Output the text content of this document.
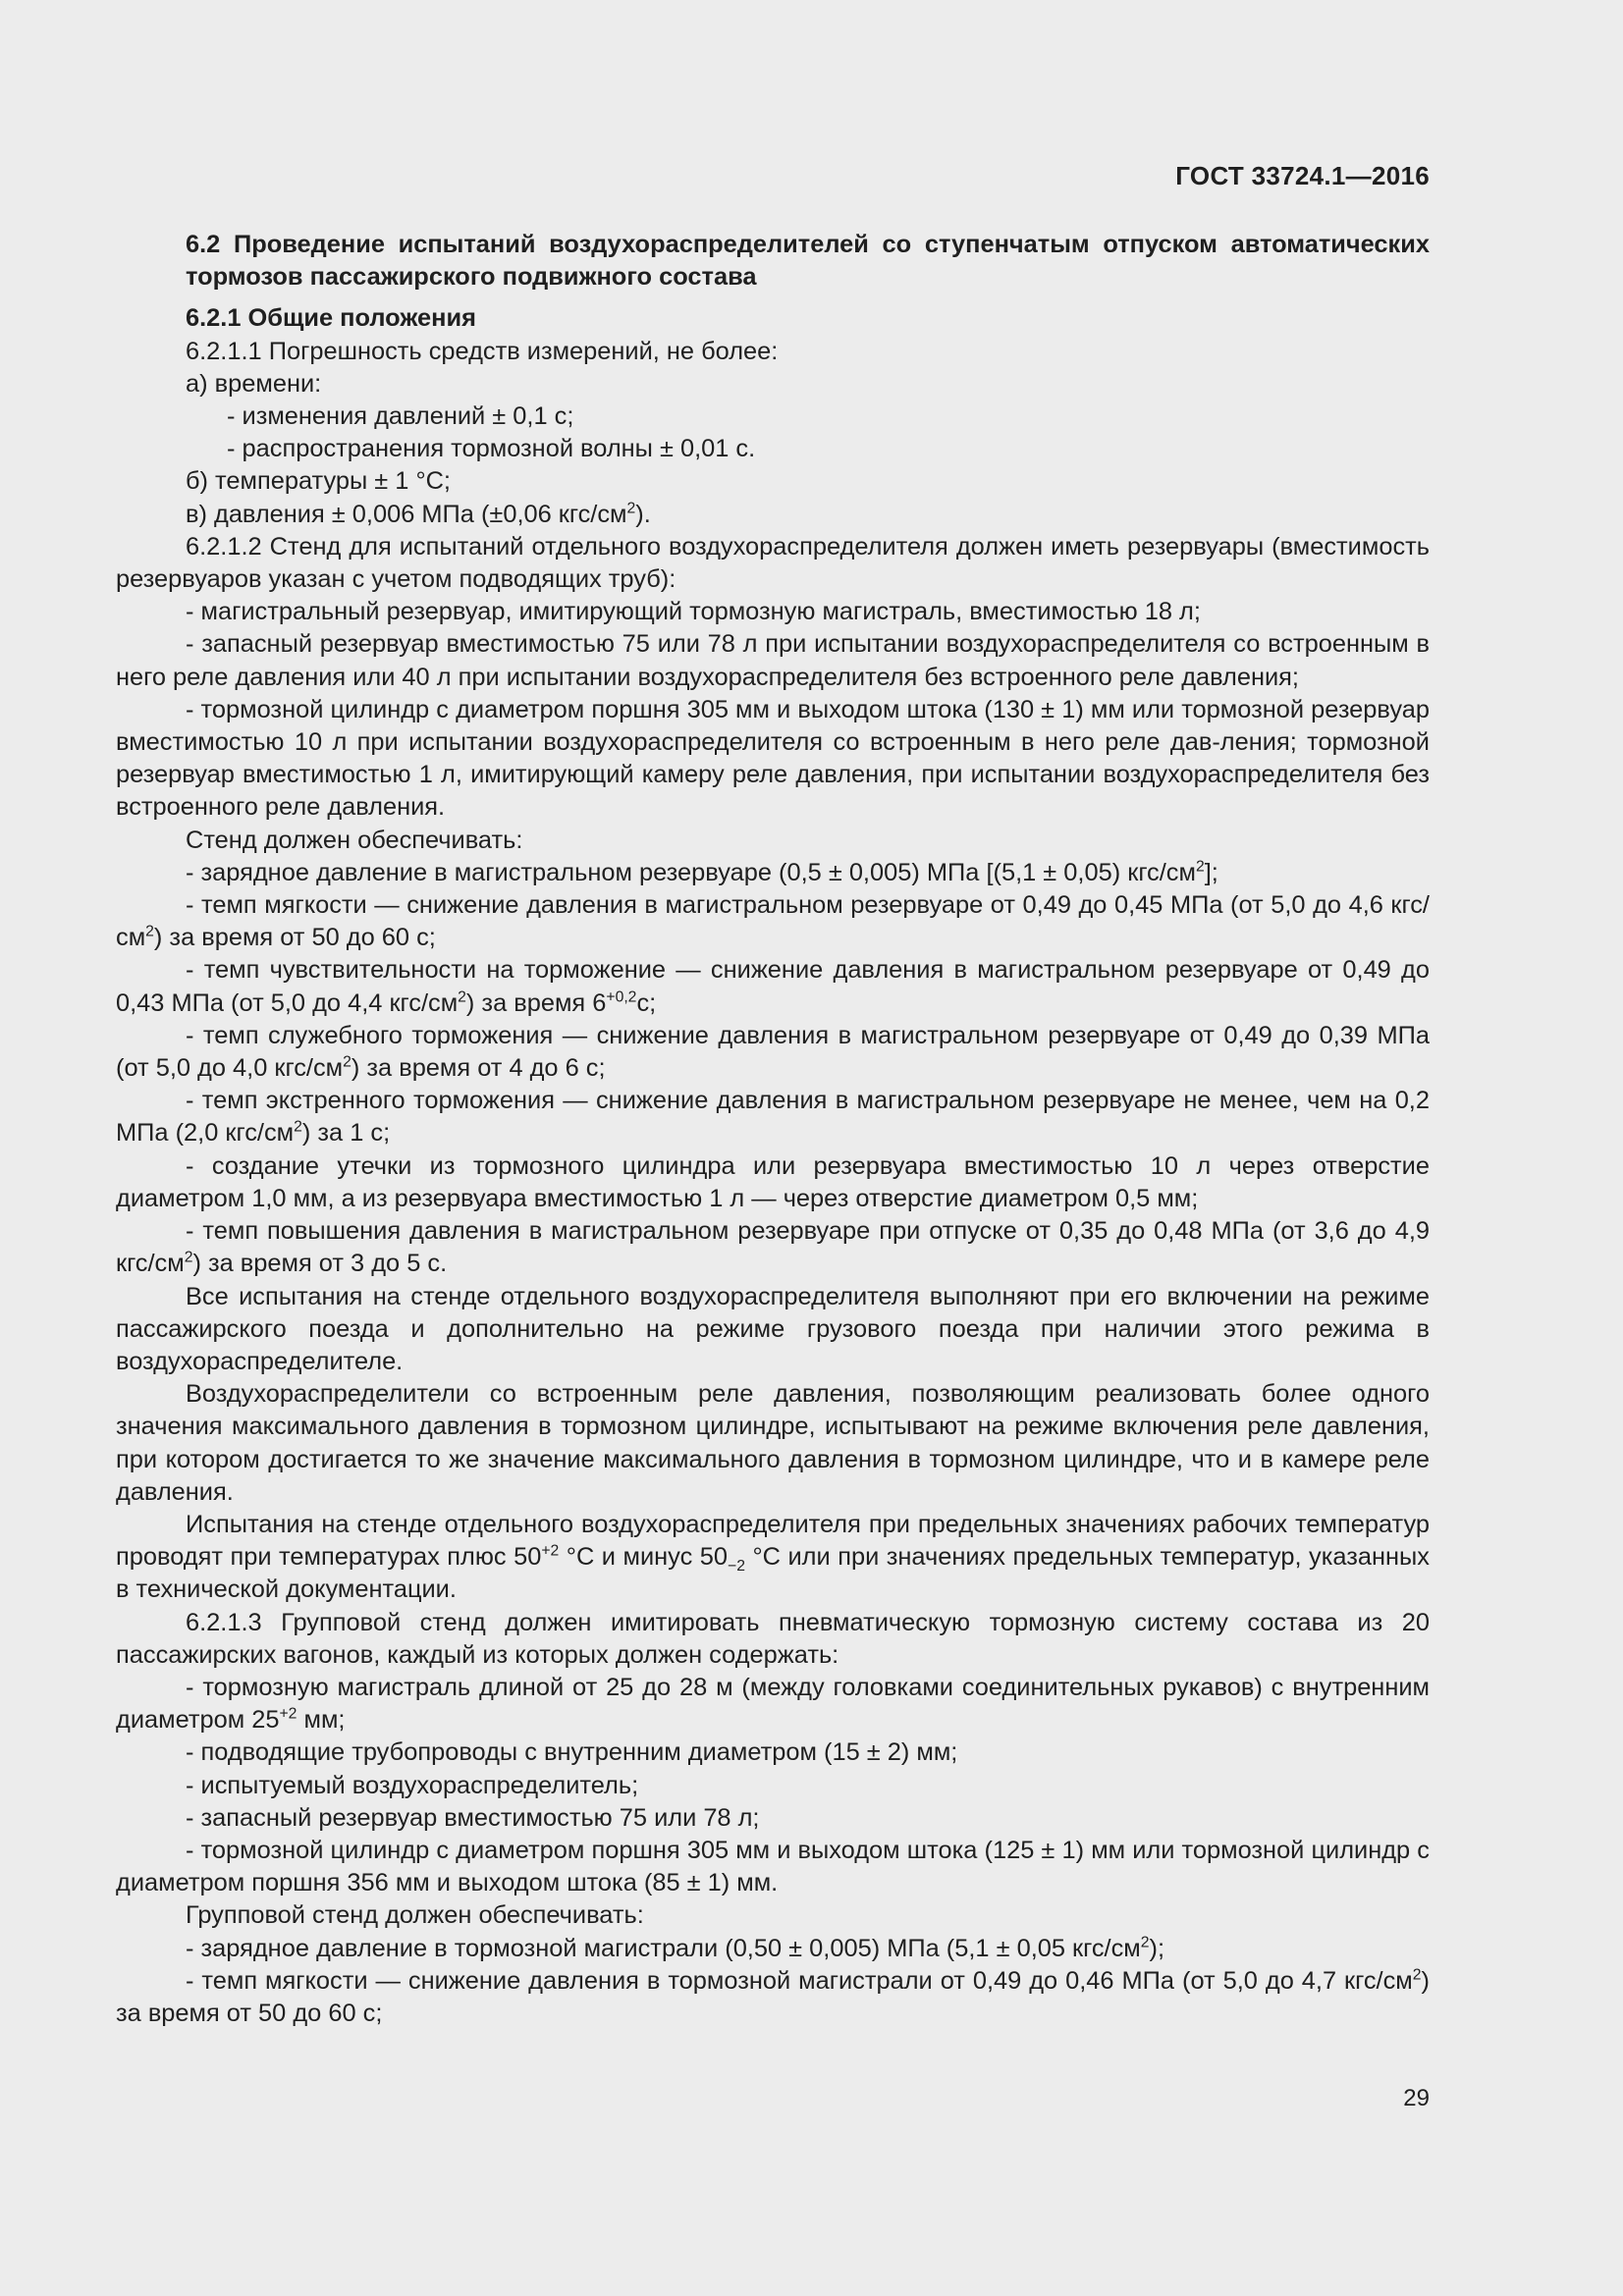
ГОСТ 33724.1—2016

6.2 Проведение испытаний воздухораспределителей со ступенчатым отпуском автоматических тормозов пассажирского подвижного состава

6.2.1 Общие положения

6.2.1.1 Погрешность средств измерений, не более:

а) времени:

- изменения давлений ± 0,1 с;

- распространения тормозной волны ± 0,01 с.

б) температуры ± 1 °С;

в) давления ± 0,006 МПа (±0,06 кгс/$см^2$).

6.2.1.2 Стенд для испытаний отдельного воздухораспределителя должен иметь резервуары (вместимость резервуаров указан с учетом подводящих труб):

- магистральный резервуар, имитирующий тормозную магистраль, вместимостью 18 л;

- запасный резервуар вместимостью 75 или 78 л при испытании воздухораспределителя со встроенным в него реле давления или 40 л при испытании воздухораспределителя без встроенного реле давления;

- тормозной цилиндр с диаметром поршня 305 мм и выходом штока (130 ± 1) мм или тормозной резервуар вместимостью 10 л при испытании воздухораспределителя со встроенным в него реле дав-ления; тормозной резервуар вместимостью 1 л, имитирующий камеру реле давления, при испытании воздухораспределителя без встроенного реле давления.

Стенд должен обеспечивать:

- зарядное давление в магистральном резервуаре (0,5 ± 0,005) МПа [(5,1 ± 0,05) кгс/$см^2$];

- темп мягкости — снижение давления в магистральном резервуаре от 0,49 до 0,45 МПа (от 5,0 до 4,6 кгс/$см^2$) за время от 50 до 60 с;

- темп чувствительности на торможение — снижение давления в магистральном резервуаре от 0,49 до 0,43 МПа (от 5,0 до 4,4 кгс/$см^2$) за время $6^{+0,2}с$;

- темп служебного торможения — снижение давления в магистральном резервуаре от 0,49 до 0,39 МПа (от 5,0 до 4,0 кгс/$см^2$) за время от 4 до 6 с;

- темп экстренного торможения — снижение давления в магистральном резервуаре не менее, чем на 0,2 МПа (2,0 кгс/$см^2$) за 1 с;

- создание утечки из тормозного цилиндра или резервуара вместимостью 10 л через отверстие диаметром 1,0 мм, а из резервуара вместимостью 1 л — через отверстие диаметром 0,5 мм;

- темп повышения давления в магистральном резервуаре при отпуске от 0,35 до 0,48 МПа (от 3,6 до 4,9 кгс/$см^2$) за время от 3 до 5 с.

Все испытания на стенде отдельного воздухораспределителя выполняют при его включении на режиме пассажирского поезда и дополнительно на режиме грузового поезда при наличии этого режима в воздухораспределителе.

Воздухораспределители со встроенным реле давления, позволяющим реализовать более одного значения максимального давления в тормозном цилиндре, испытывают на режиме включения реле давления, при котором достигается то же значение максимального давления в тормозном цилиндре, что и в камере реле давления.

Испытания на стенде отдельного воздухораспределителя при предельных значениях рабочих температур проводят при температурах плюс $50^{+2}$ °С и минус $50_{-2}$ °С или при значениях предельных температур, указанных в технической документации.

6.2.1.3 Групповой стенд должен имитировать пневматическую тормозную систему состава из 20 пассажирских вагонов, каждый из которых должен содержать:

- тормозную магистраль длиной от 25 до 28 м (между головками соединительных рукавов) с внутренним диаметром $25^{+2}$ мм;

- подводящие трубопроводы с внутренним диаметром (15 ± 2) мм;

- испытуемый воздухораспределитель;

- запасный резервуар вместимостью 75 или 78 л;

- тормозной цилиндр с диаметром поршня 305 мм и выходом штока (125 ± 1) мм или тормозной цилиндр с диаметром поршня 356 мм и выходом штока (85 ± 1) мм.

Групповой стенд должен обеспечивать:

- зарядное давление в тормозной магистрали (0,50 ± 0,005) МПа (5,1 ± 0,05 кгс/$см^2$);

- темп мягкости — снижение давления в тормозной магистрали от 0,49 до 0,46 МПа (от 5,0 до 4,7 кгс/$см^2$) за время от 50 до 60 с;

29
